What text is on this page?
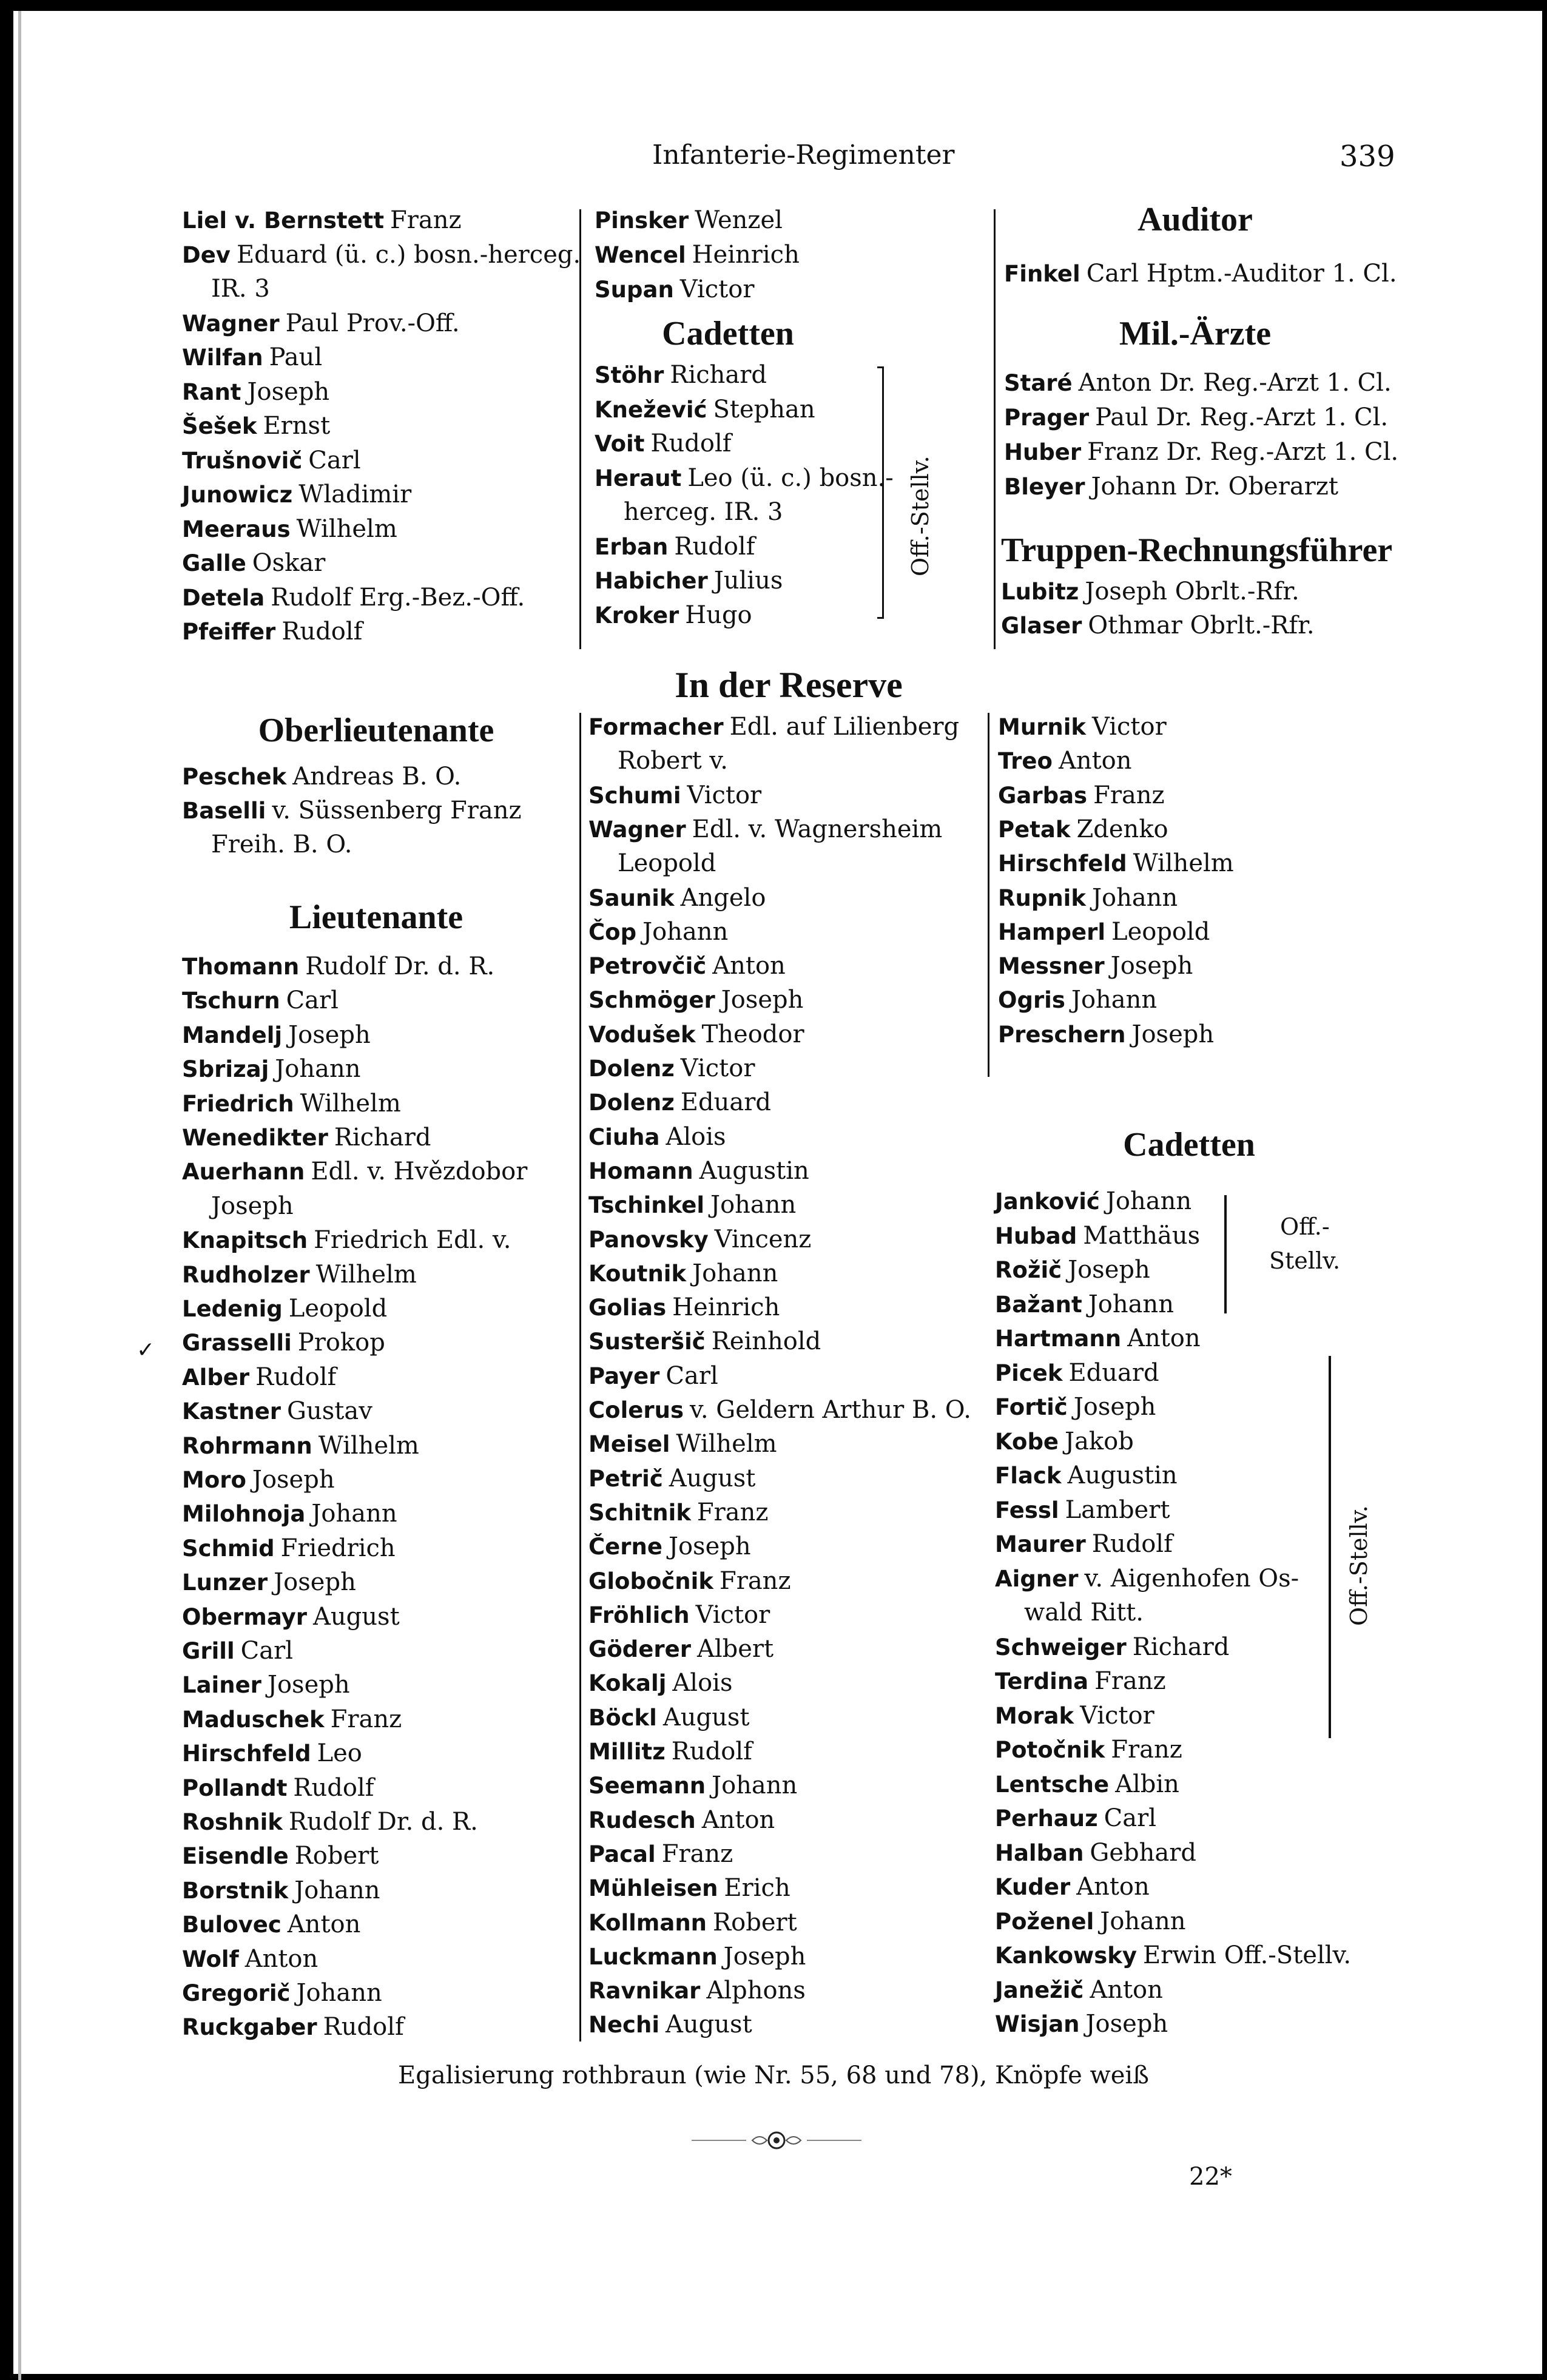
Infanterie-Regimenter	339
Liel v. Bernstett Franz
Dev Eduard (ü. c.) bosn.-herceg.
IR. 3
Wagner Paul Prov.-Off.
Wilfan Paul
Rant Joseph
Šešek Ernst
Trušnovič Carl
Junowicz Wladimir
Meeraus Wilhelm
Galle Oskar
Detela Rudolf Erg.-Bez.-Off.
Pfeiffer Rudolf
Oberlieutenante
Peschek Andreas B. O.
Baselli v. Süssenberg Franz
Freih. B. O.
Lieutenante
Thomann Rudolf Dr. d. R.
Tschurn Carl
Mandelj Joseph
Sbrizaj Johann
Friedrich Wilhelm
Wenedikter Richard
Auerhann Edl. v. Hvězdobor
Joseph
Knapitsch Friedrich Edl. v.
Rudholzer Wilhelm
Ledenig Leopold
Grasselli Prokop
Alber Rudolf
Kastner Gustav
Rohrmann Wilhelm
Moro Joseph
Milohnoja Johann
Schmid Friedrich
Lunzer Joseph
Obermayr August
Grill Carl
Lainer Joseph
Maduschek Franz
Hirschfeld Leo
Pollandt Rudolf
Roshnik Rudolf Dr. d. R.
Eisendle Robert
Borstnik Johann
Bulovec Anton
Wolf Anton
Gregorič Johann
Ruckgaber Rudolf
✓
Pinsker Wenzel
Wencel Heinrich
Supan Victor
Cadetten
Stöhr Richard
Knežević Stephan
Voit Rudolf
Heraut Leo (ü. c.) bosn.-
herceg. IR. 3
Erban Rudolf
Habicher Julius
Kroker Hugo
Off.-Stellv.
In der Reserve
Formacher Edl. auf Lilienberg
Robert v.
Schumi Victor
Wagner Edl. v. Wagnersheim
Leopold
Saunik Angelo
Čop Johann
Petrovčič Anton
Schmöger Joseph
Vodušek Theodor
Dolenz Victor
Dolenz Eduard
Ciuha Alois
Homann Augustin
Tschinkel Johann
Panovsky Vincenz
Koutnik Johann
Golias Heinrich
Susteršič Reinhold
Payer Carl
Colerus v. Geldern Arthur B. O.
Meisel Wilhelm
Petrič August
Schitnik Franz
Černe Joseph
Globočnik Franz
Fröhlich Victor
Göderer Albert
Kokalj Alois
Böckl August
Millitz Rudolf
Seemann Johann
Rudesch Anton
Pacal Franz
Mühleisen Erich
Kollmann Robert
Luckmann Joseph
Ravnikar Alphons
Nechi August
Auditor
Finkel Carl Hptm.-Auditor 1. Cl.
Mil.-Ärzte
Staré Anton Dr. Reg.-Arzt 1. Cl.
Prager Paul Dr. Reg.-Arzt 1. Cl.
Huber Franz Dr. Reg.-Arzt 1. Cl.
Bleyer Johann Dr. Oberarzt
Truppen-Rechnungsführer
Lubitz Joseph Obrlt.-Rfr.
Glaser Othmar Obrlt.-Rfr.
Murnik Victor
Treo Anton
Garbas Franz
Petak Zdenko
Hirschfeld Wilhelm
Rupnik Johann
Hamperl Leopold
Messner Joseph
Ogris Johann
Preschern Joseph
Cadetten
Janković Johann
Hubad Matthäus
Rožič Joseph
Bažant Johann
Hartmann Anton
Picek Eduard
Fortič Joseph
Kobe Jakob
Flack Augustin
Fessl Lambert
Maurer Rudolf
Aigner v. Aigenhofen Os-
wald Ritt.
Schweiger Richard
Terdina Franz
Morak Victor
Potočnik Franz
Lentsche Albin
Perhauz Carl
Halban Gebhard
Kuder Anton
Poženel Johann
Kankowsky Erwin Off.-Stellv.
Janežič Anton
Wisjan Joseph
Off.-
Stellv.
Off.-Stellv.
Egalisierung rothbraun (wie Nr. 55, 68 und 78), Knöpfe weiß
22*
